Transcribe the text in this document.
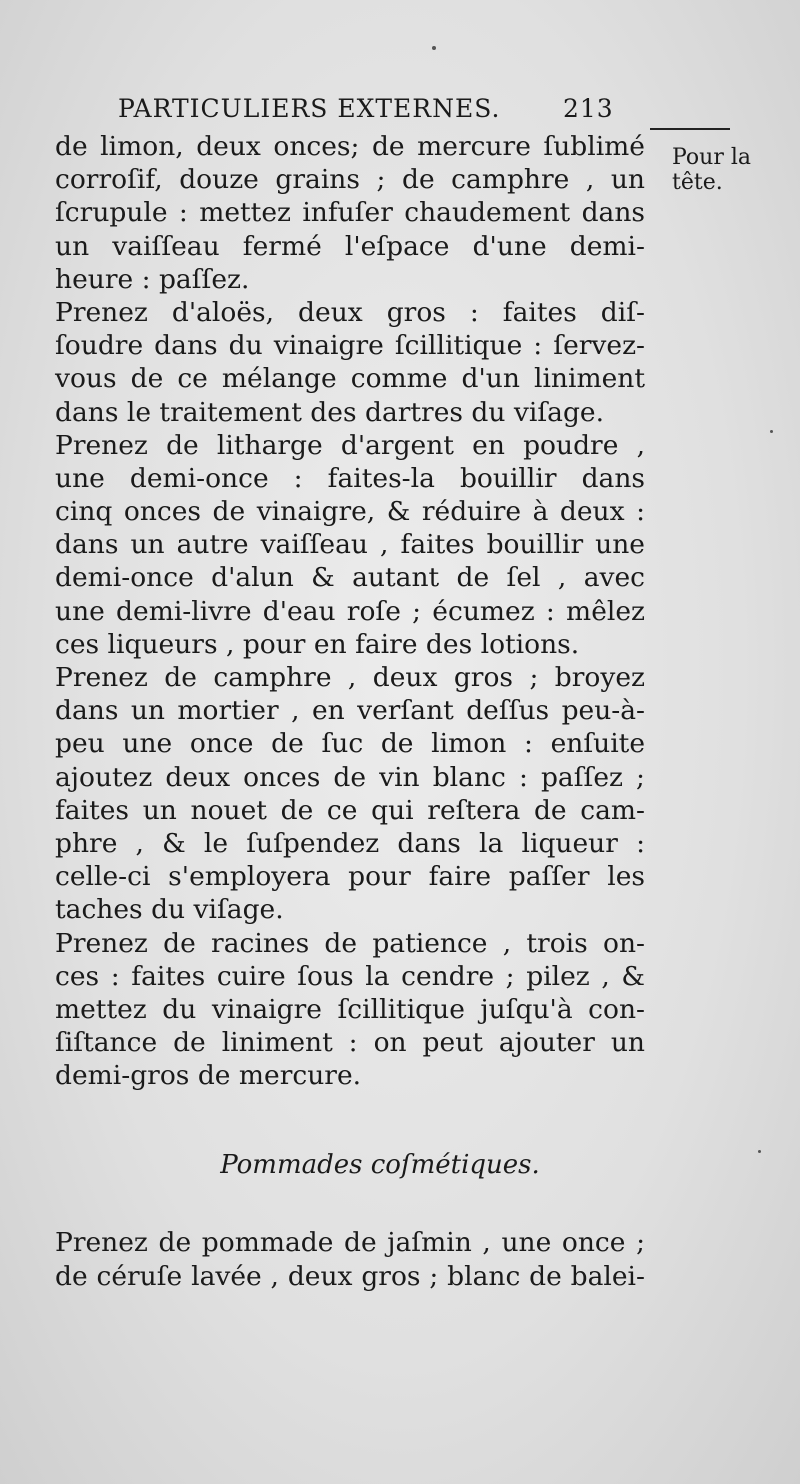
PARTICULIERS EXTERNES.	213
Pour la
tête.
de limon, deux onces; de mercure ſublimé
corroſif, douze grains ; de camphre , un
ſcrupule : mettez infuſer chaudement dans
un vaiſſeau fermé l'eſpace d'une demi-
heure : paſſez.
Prenez d'aloës, deux gros : faites diſ-
ſoudre dans du vinaigre ſcillitique : ſervez-
vous de ce mélange comme d'un liniment
dans le traitement des dartres du viſage.
Prenez de litharge d'argent en poudre ,
une demi-once : faites-la bouillir dans
cinq onces de vinaigre, & réduire à deux :
dans un autre vaiſſeau , faites bouillir une
demi-once d'alun & autant de ſel , avec
une demi-livre d'eau roſe ; écumez : mêlez
ces liqueurs , pour en faire des lotions.
Prenez de camphre , deux gros ; broyez
dans un mortier , en verſant deſſus peu-à-
peu une once de ſuc de limon : enſuite
ajoutez deux onces de vin blanc : paſſez ;
faites un nouet de ce qui reſtera de cam-
phre , & le ſuſpendez dans la liqueur :
celle-ci s'employera pour faire paſſer les
taches du viſage.
Prenez de racines de patience , trois on-
ces : faites cuire ſous la cendre ; pilez , &
mettez du vinaigre ſcillitique juſqu'à con-
ſiſtance de liniment : on peut ajouter un
demi-gros de mercure.
Pommades coſmétiques.
Prenez de pommade de jaſmin , une once ;
de céruſe lavée , deux gros ; blanc de balei-
